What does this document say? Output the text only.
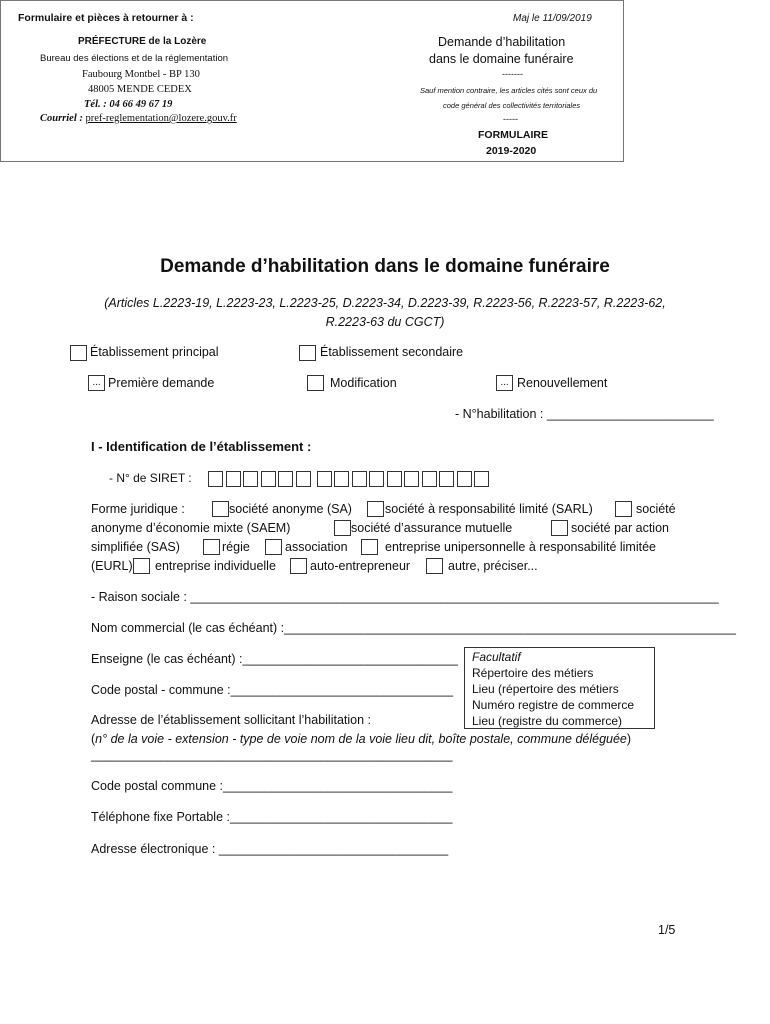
Formulaire et pièces à retourner à :	Maj le 11/09/2019
PRÉFECTURE de la Lozère
Bureau des élections et de la réglementation
Faubourg Montbel - BP 130
48005 MENDE CEDEX
Tél. : 04 66 49 67 19
Courriel : pref-reglementation@lozere.gouv.fr
Demande d’habilitation
dans le domaine funéraire
-------
Sauf mention contraire, les articles cités sont ceux du
code général des collectivités territoriales
-----
FORMULAIRE
2019-2020
Demande d’habilitation dans le domaine funéraire
(Articles L.2223-19, L.2223-23, L.2223-25, D.2223-34, D.2223-39, R.2223-56, R.2223-57, R.2223-62,
R.2223-63 du CGCT)
Établissement principal	Établissement secondaire
... Première demande	Modification	... Renouvellement
- N°habilitation : ________________________
I - Identification de l’établissement :
- N° de SIRET :
Forme juridique :	société anonyme (SA)	société à responsabilité limité (SARL)	société
anonyme d’économie mixte (SAEM)	société d’assurance mutuelle	société par action
simplifiée (SAS)	régie	association	entreprise unipersonnelle à responsabilité limitée
(EURL) entreprise individuelle	auto-entrepreneur	autre, préciser...
- Raison sociale : ____________________________________________________________________________
Nom commercial (le cas échéant) :_________________________________________________________________
Enseigne (le cas échéant) :_______________________________
Code postal - commune :________________________________
Adresse de l’établissement sollicitant l’habilitation :
(n° de la voie - extension - type de voie nom de la voie lieu dit, boîte postale, commune déléguée)
____________________________________________________
Facultatif
Répertoire des métiers
Lieu (répertoire des métiers
Numéro registre de commerce
Lieu (registre du commerce)
Code postal commune :_________________________________
Téléphone fixe Portable :________________________________
Adresse électronique : _________________________________
1/5
